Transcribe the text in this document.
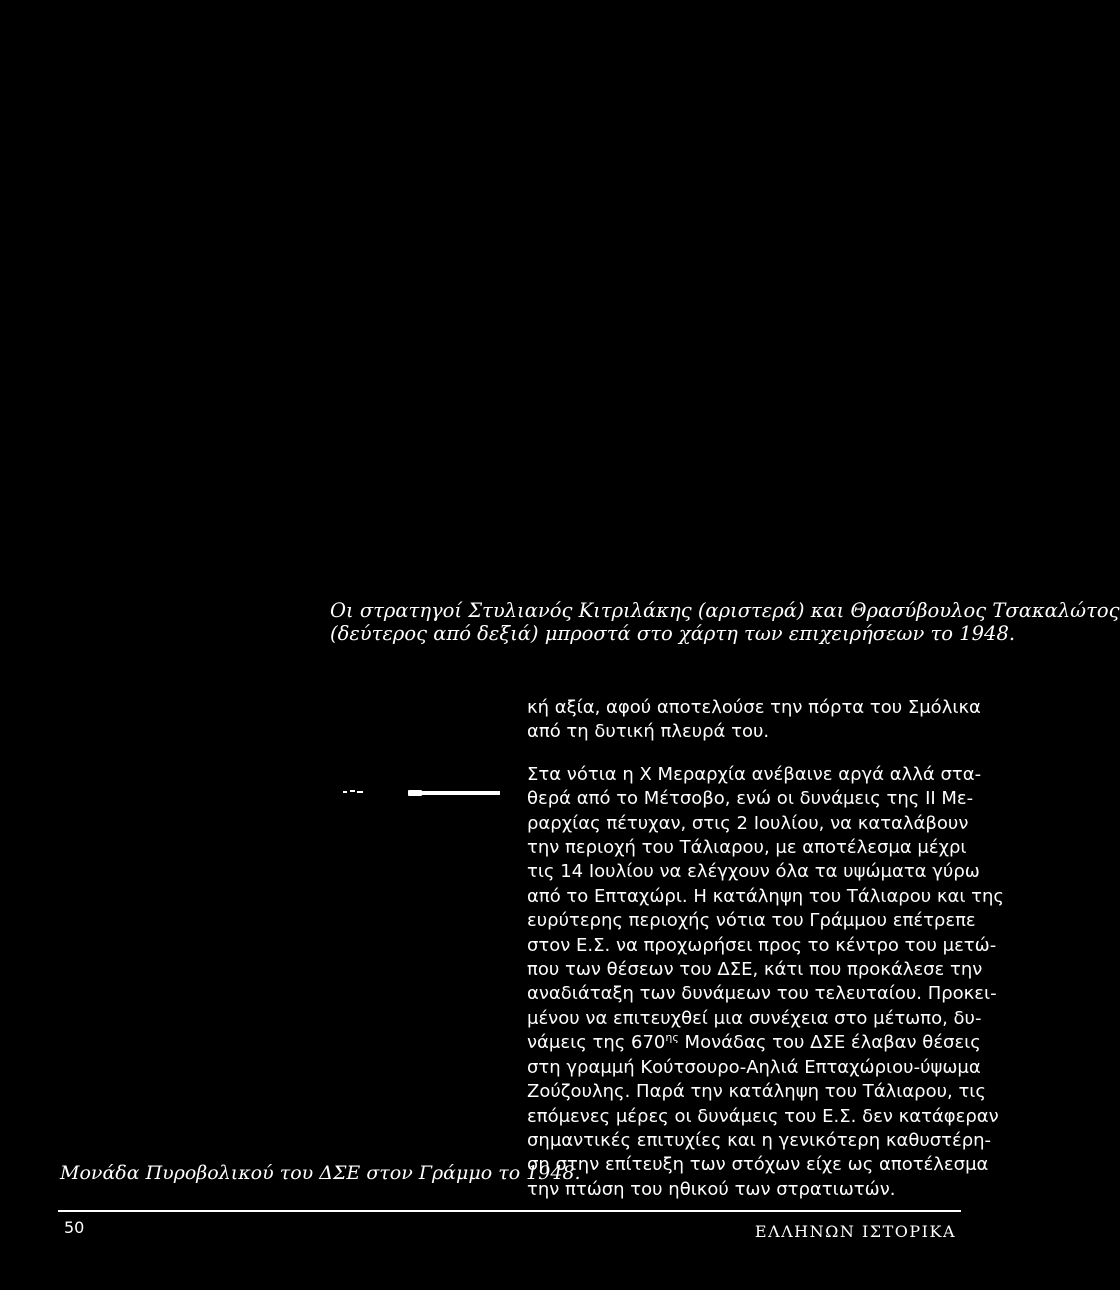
Οι στρατηγοί Στυλιανός Κιτριλάκης (αριστερά) και Θρασύβουλος Τσακαλώτος
(δεύτερος από δεξιά) μπροστά στο χάρτη των επιχειρήσεων το 1948.
κή αξία, αφού αποτελούσε την πόρτα του Σμόλικα
από τη δυτική πλευρά του.
Στα νότια η Χ Μεραρχία ανέβαινε αργά αλλά στα-
θερά από το Μέτσοβο, ενώ οι δυνάμεις της ΙΙ Με-
ραρχίας πέτυχαν, στις 2 Ιουλίου, να καταλάβουν
την περιοχή του Τάλιαρου, με αποτέλεσμα μέχρι
τις 14 Ιουλίου να ελέγχουν όλα τα υψώματα γύρω
από το Επταχώρι. Η κατάληψη του Τάλιαρου και της
ευρύτερης περιοχής νότια του Γράμμου επέτρεπε
στον Ε.Σ. να προχωρήσει προς το κέντρο του μετώ-
που των θέσεων του ΔΣΕ, κάτι που προκάλεσε την
αναδιάταξη των δυνάμεων του τελευταίου. Προκει-
μένου να επιτευχθεί μια συνέχεια στο μέτωπο, δυ-
νάμεις της $670^{\eta\varsigma}$ Μονάδας του ΔΣΕ έλαβαν θέσεις
στη γραμμή Κούτσουρο-Αηλιά Επταχώριου-ύψωμα
Ζούζουλης. Παρά την κατάληψη του Τάλιαρου, τις
επόμενες μέρες οι δυνάμεις του Ε.Σ. δεν κατάφεραν
σημαντικές επιτυχίες και η γενικότερη καθυστέρη-
ση στην επίτευξη των στόχων είχε ως αποτέλεσμα
την πτώση του ηθικού των στρατιωτών.
Μονάδα Πυροβολικού του ΔΣΕ στον Γράμμο το 1948.
50	ΕΛΛΗΝΩΝ ΙΣΤΟΡΙΚΑ
